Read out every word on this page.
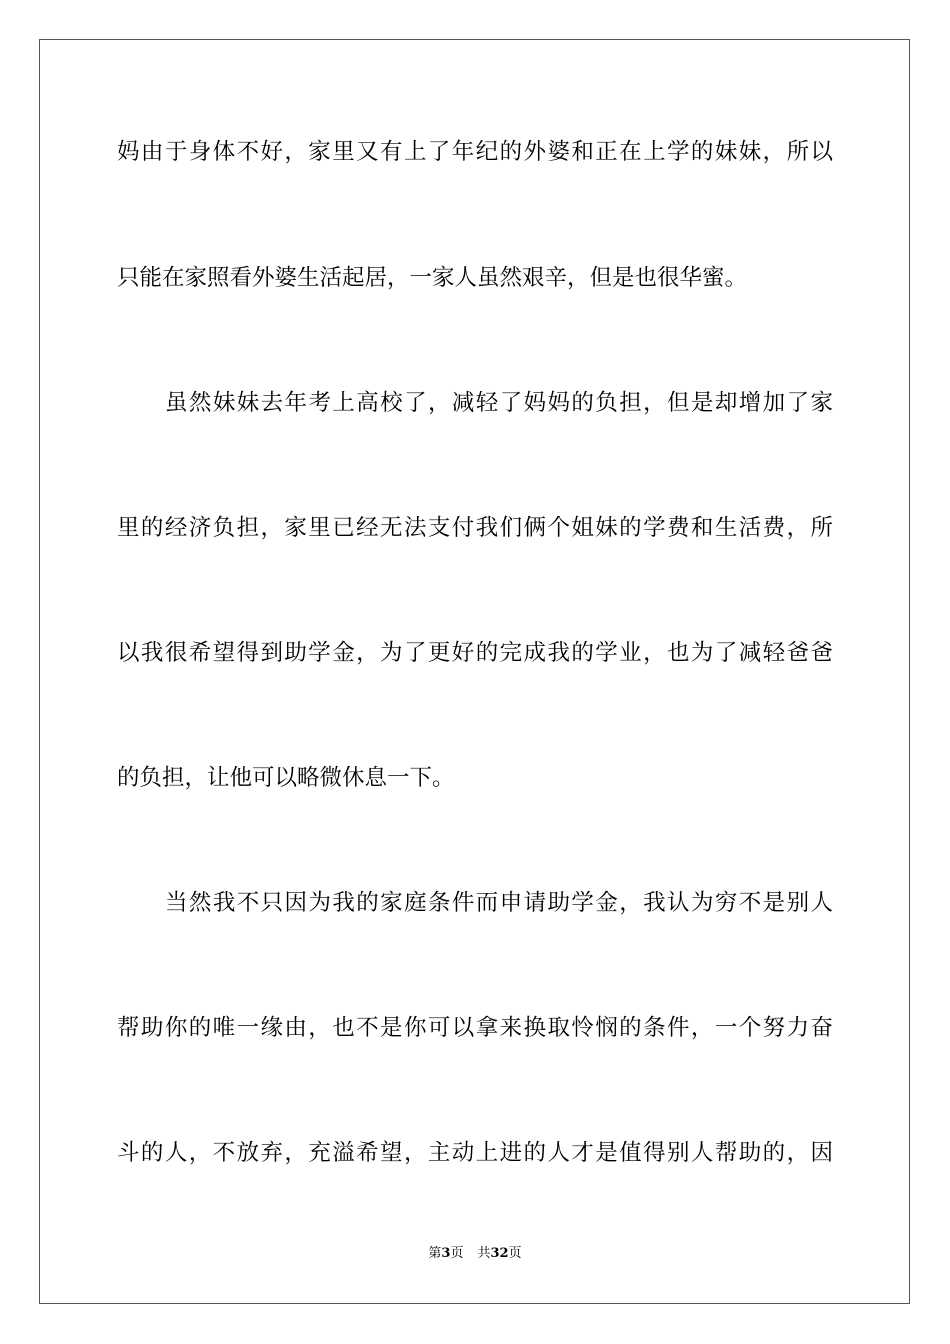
妈由于身体不好，家里又有上了年纪的外婆和正在上学的妹妹，所以
只能在家照看外婆生活起居，一家人虽然艰辛，但是也很华蜜。
虽然妹妹去年考上高校了，减轻了妈妈的负担，但是却增加了家
里的经济负担，家里已经无法支付我们俩个姐妹的学费和生活费，所
以我很希望得到助学金，为了更好的完成我的学业，也为了减轻爸爸
的负担，让他可以略微休息一下。
当然我不只因为我的家庭条件而申请助学金，我认为穷不是别人
帮助你的唯一缘由，也不是你可以拿来换取怜悯的条件，一个努力奋
斗的人，不放弃，充溢希望，主动上进的人才是值得别人帮助的，因
第3页 共32页
